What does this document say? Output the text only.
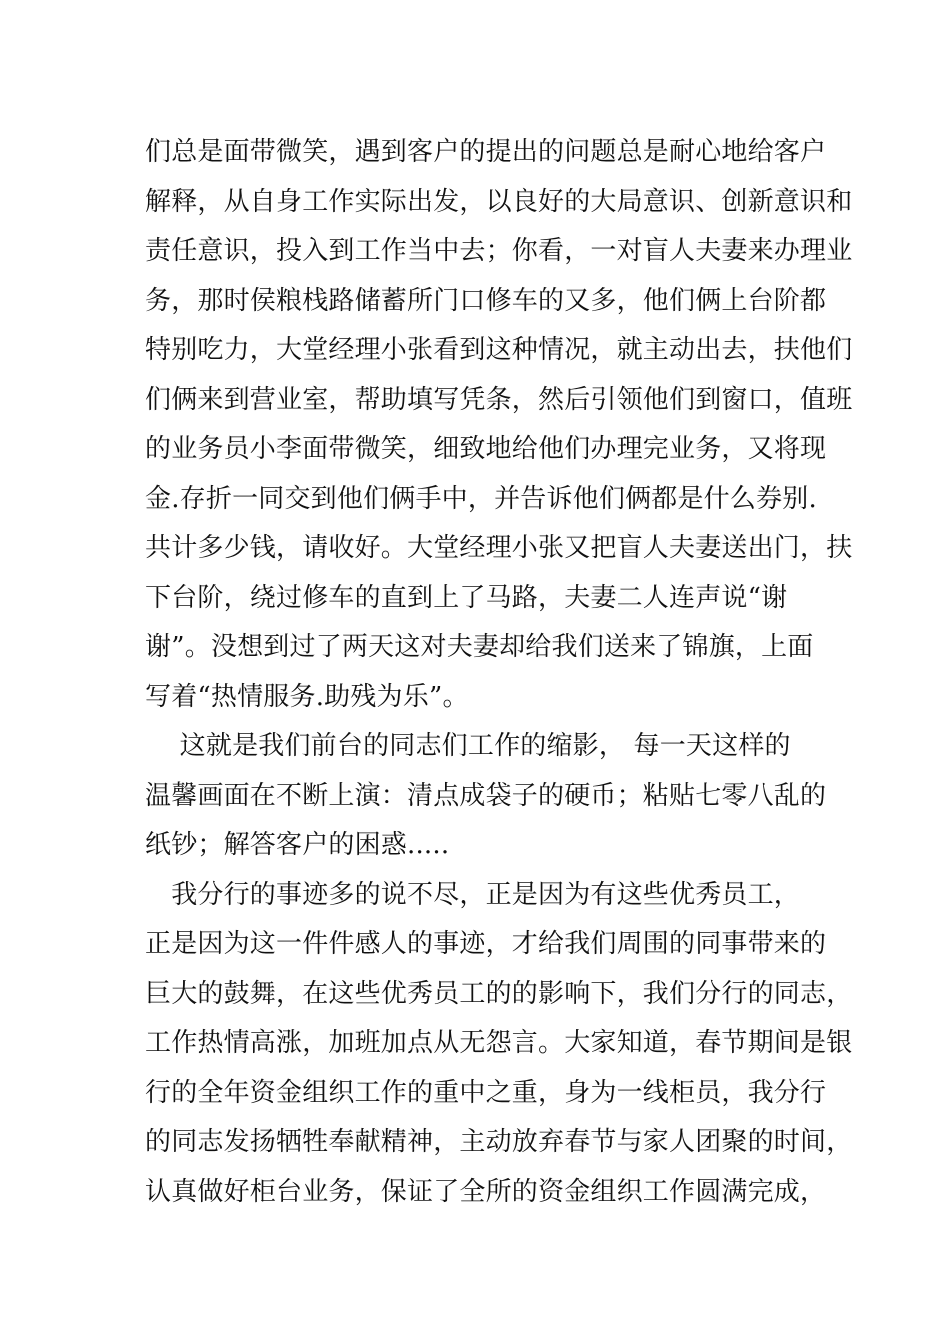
们总是面带微笑，遇到客户的提出的问题总是耐心地给客户
解释，从自身工作实际出发，以良好的大局意识、创新意识和
责任意识，投入到工作当中去；你看，一对盲人夫妻来办理业
务，那时侯粮栈路储蓄所门口修车的又多，他们俩上台阶都
特别吃力，大堂经理小张看到这种情况，就主动出去，扶他们
们俩来到营业室，帮助填写凭条，然后引领他们到窗口，值班
的业务员小李面带微笑，细致地给他们办理完业务，又将现
金.存折一同交到他们俩手中，并告诉他们俩都是什么券别.
共计多少钱，请收好。大堂经理小张又把盲人夫妻送出门，扶
下台阶，绕过修车的直到上了马路，夫妻二人连声说“谢
谢”。没想到过了两天这对夫妻却给我们送来了锦旗，上面
写着“热情服务.助残为乐”。
　 这就是我们前台的同志们工作的缩影， 每一天这样的
温馨画面在不断上演：清点成袋子的硬币；粘贴七零八乱的
纸钞；解答客户的困惑.....
　我分行的事迹多的说不尽，正是因为有这些优秀员工，
正是因为这一件件感人的事迹，才给我们周围的同事带来的
巨大的鼓舞，在这些优秀员工的的影响下，我们分行的同志，
工作热情高涨，加班加点从无怨言。大家知道，春节期间是银
行的全年资金组织工作的重中之重，身为一线柜员，我分行
的同志发扬牺牲奉献精神，主动放弃春节与家人团聚的时间，
认真做好柜台业务，保证了全所的资金组织工作圆满完成，
